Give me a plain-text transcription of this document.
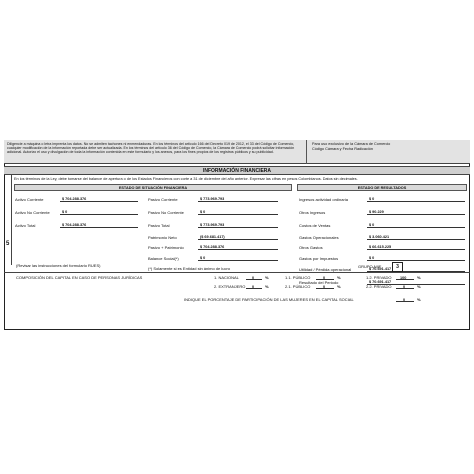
Diligencie a máquina o letra imprenta los datos. No se admiten tachones ni enmendaduras. En los términos del artículo 166 del Decreto 019 de 2012, el 33 del Código de Comercio, cualquier modificación de la información reportada debe ser actualizada. En los términos del artículo 36 del Código de Comercio, la Cámara de Comercio podrá solicitar información adicional. Autorizo el uso y divulgación de toda la información contenida en este formulario y los anexos, para los fines propios de los registros públicos y su publicidad.
Para uso exclusivo de la Cámara de Comercio
Código Cámara y Fecha Radicación
INFORMACIÓN FINANCIERA
5
En los términos de la Ley, debe tomarse del balance de apertura o de los Estados Financieros con corte a 31 de diciembre del año anterior. Expresar las cifras en pesos Colombianos. Datos sin decimales.
ESTADO DE SITUACIÓN FINANCIERA	ESTADO DE RESULTADOS
Activo Corriente	$ 704.288.376
Activo No Corriente	$ 0
Activo Total	$ 704.288.376
Pasivo Corriente	$ 773.969.793
Pasivo No Corriente	$ 0
Pasivo Total	$ 773.969.793
Patrimonio Neto	($ 69.681.417)
Pasivo + Patrimonio	$ 704.288.376
Balance Social(*)	$ 0
(*) Solamente si es Entidad sin ánimo de lucro
Ingresos actividad ordinaria	$ 0
Otros Ingresos	$ 90.229
Costos de Ventas	$ 0
Gastos Operacionales	$ 3.060.421
Otros Gastos	$ 66.615.225
Gastos por Impuestos	$ 0
Utilidad / Pérdida operacional	$ 70.691.417
Resultado del Periodo	$ 70.691.417
(Revisar las instrucciones del formulario RUES)	GRUPO NIIF	3
COMPOSICIÓN DEL CAPITAL EN CASO DE PERSONAS JURÍDICAS	1. NACIONAL	0	%
2. EXTRANJERO 0	%
1.1. PÚBLICO	0	%
2.1. PÚBLICO	0	%
1.2. PRIVADO 100	%
2.2. PRIVADO	0	%
INDIQUE EL PORCENTAJE DE PARTICIPACIÓN DE LAS MUJERES EN EL CAPITAL SOCIAL	0	%
